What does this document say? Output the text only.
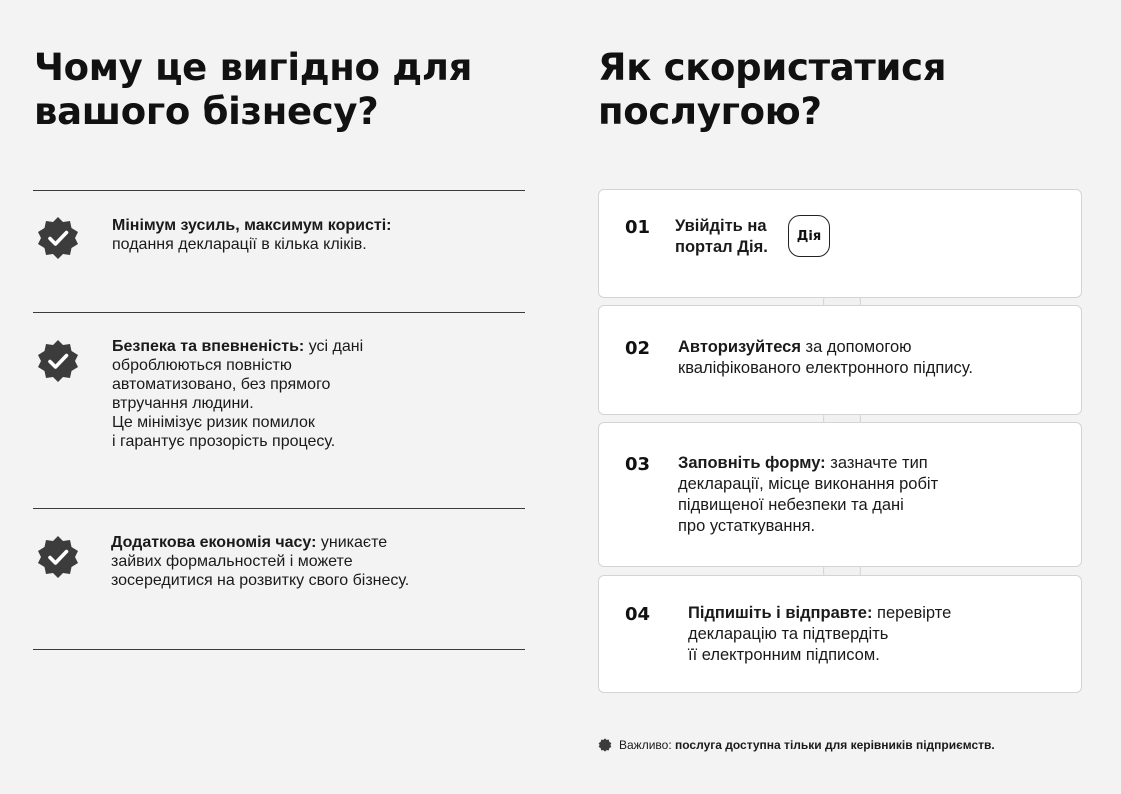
Чому це вигідно для
вашого бізнесу?
Мінімум зусиль, максимум користі:
подання декларації в кілька кліків.
Безпека та впевненість: усі дані
оброблюються повністю
автоматизовано, без прямого
втручання людини.
Це мінімізує ризик помилок
і гарантує прозорість процесу.
Додаткова економія часу: уникаєте
зайвих формальностей і можете
зосередитися на розвитку свого бізнесу.
Як скористатися
послугою?
01 Увійдіть на
портал Дія.
Дія
02 Авторизуйтеся за допомогою
кваліфікованого електронного підпису.
03 Заповніть форму: зазначте тип
декларації, місце виконання робіт
підвищеної небезпеки та дані
про устаткування.
04 Підпишіть і відправте: перевірте
декларацію та підтвердіть
її електронним підписом.
Важливо: послуга доступна тільки для керівників підприємств.
